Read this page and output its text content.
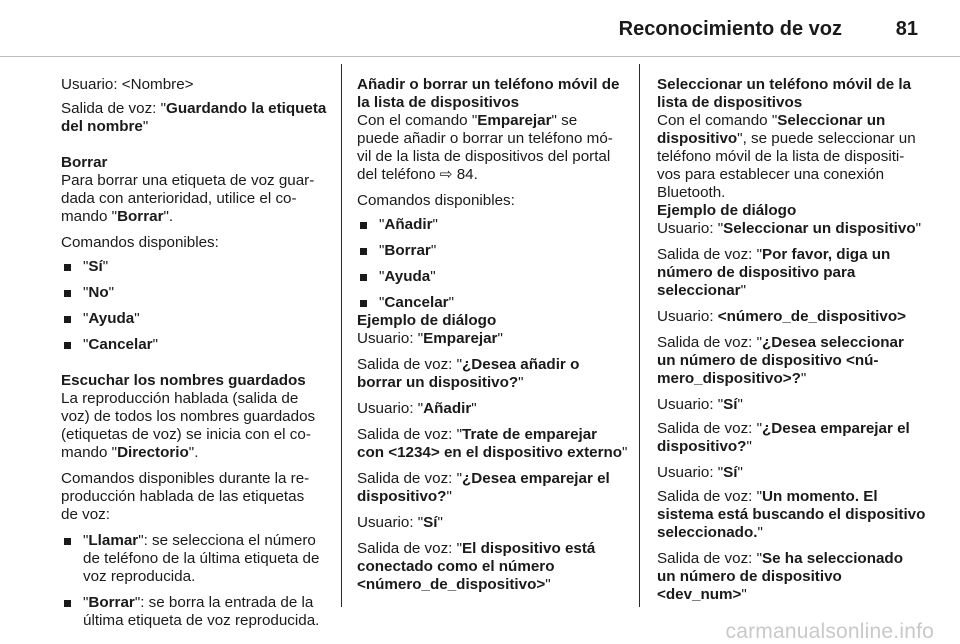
Reconocimiento de voz	81
Usuario: <Nombre>
Salida de voz: "Guardando la etiqueta
del nombre"
Borrar
Para borrar una etiqueta de voz guar-
dada con anterioridad, utilice el co-
mando "Borrar".
Comandos disponibles:
"Sí"
"No"
"Ayuda"
"Cancelar"
Escuchar los nombres guardados
La reproducción hablada (salida de
voz) de todos los nombres guardados
(etiquetas de voz) se inicia con el co-
mando "Directorio".
Comandos disponibles durante la re-
producción hablada de las etiquetas
de voz:
"Llamar": se selecciona el número
de teléfono de la última etiqueta de
voz reproducida.
"Borrar": se borra la entrada de la
última etiqueta de voz reproducida.
Añadir o borrar un teléfono móvil de
la lista de dispositivos
Con el comando "Emparejar" se
puede añadir o borrar un teléfono mó-
vil de la lista de dispositivos del portal
del teléfono ⇨ 84.
Comandos disponibles:
"Añadir"
"Borrar"
"Ayuda"
"Cancelar"
Ejemplo de diálogo
Usuario: "Emparejar"
Salida de voz: "¿Desea añadir o
borrar un dispositivo?"
Usuario: "Añadir"
Salida de voz: "Trate de emparejar
con <1234> en el dispositivo externo"
Salida de voz: "¿Desea emparejar el
dispositivo?"
Usuario: "Sí"
Salida de voz: "El dispositivo está
conectado como el número
<número_de_dispositivo>"
Seleccionar un teléfono móvil de la
lista de dispositivos
Con el comando "Seleccionar un
dispositivo", se puede seleccionar un
teléfono móvil de la lista de dispositi-
vos para establecer una conexión
Bluetooth.
Ejemplo de diálogo
Usuario: "Seleccionar un dispositivo"
Salida de voz: "Por favor, diga un
número de dispositivo para
seleccionar"
Usuario: <número_de_dispositivo>
Salida de voz: "¿Desea seleccionar
un número de dispositivo <nú-
mero_dispositivo>?"
Usuario: "Sí"
Salida de voz: "¿Desea emparejar el
dispositivo?"
Usuario: "Sí"
Salida de voz: "Un momento. El
sistema está buscando el dispositivo
seleccionado."
Salida de voz: "Se ha seleccionado
un número de dispositivo
<dev_num>"
carmanualsonline.info
